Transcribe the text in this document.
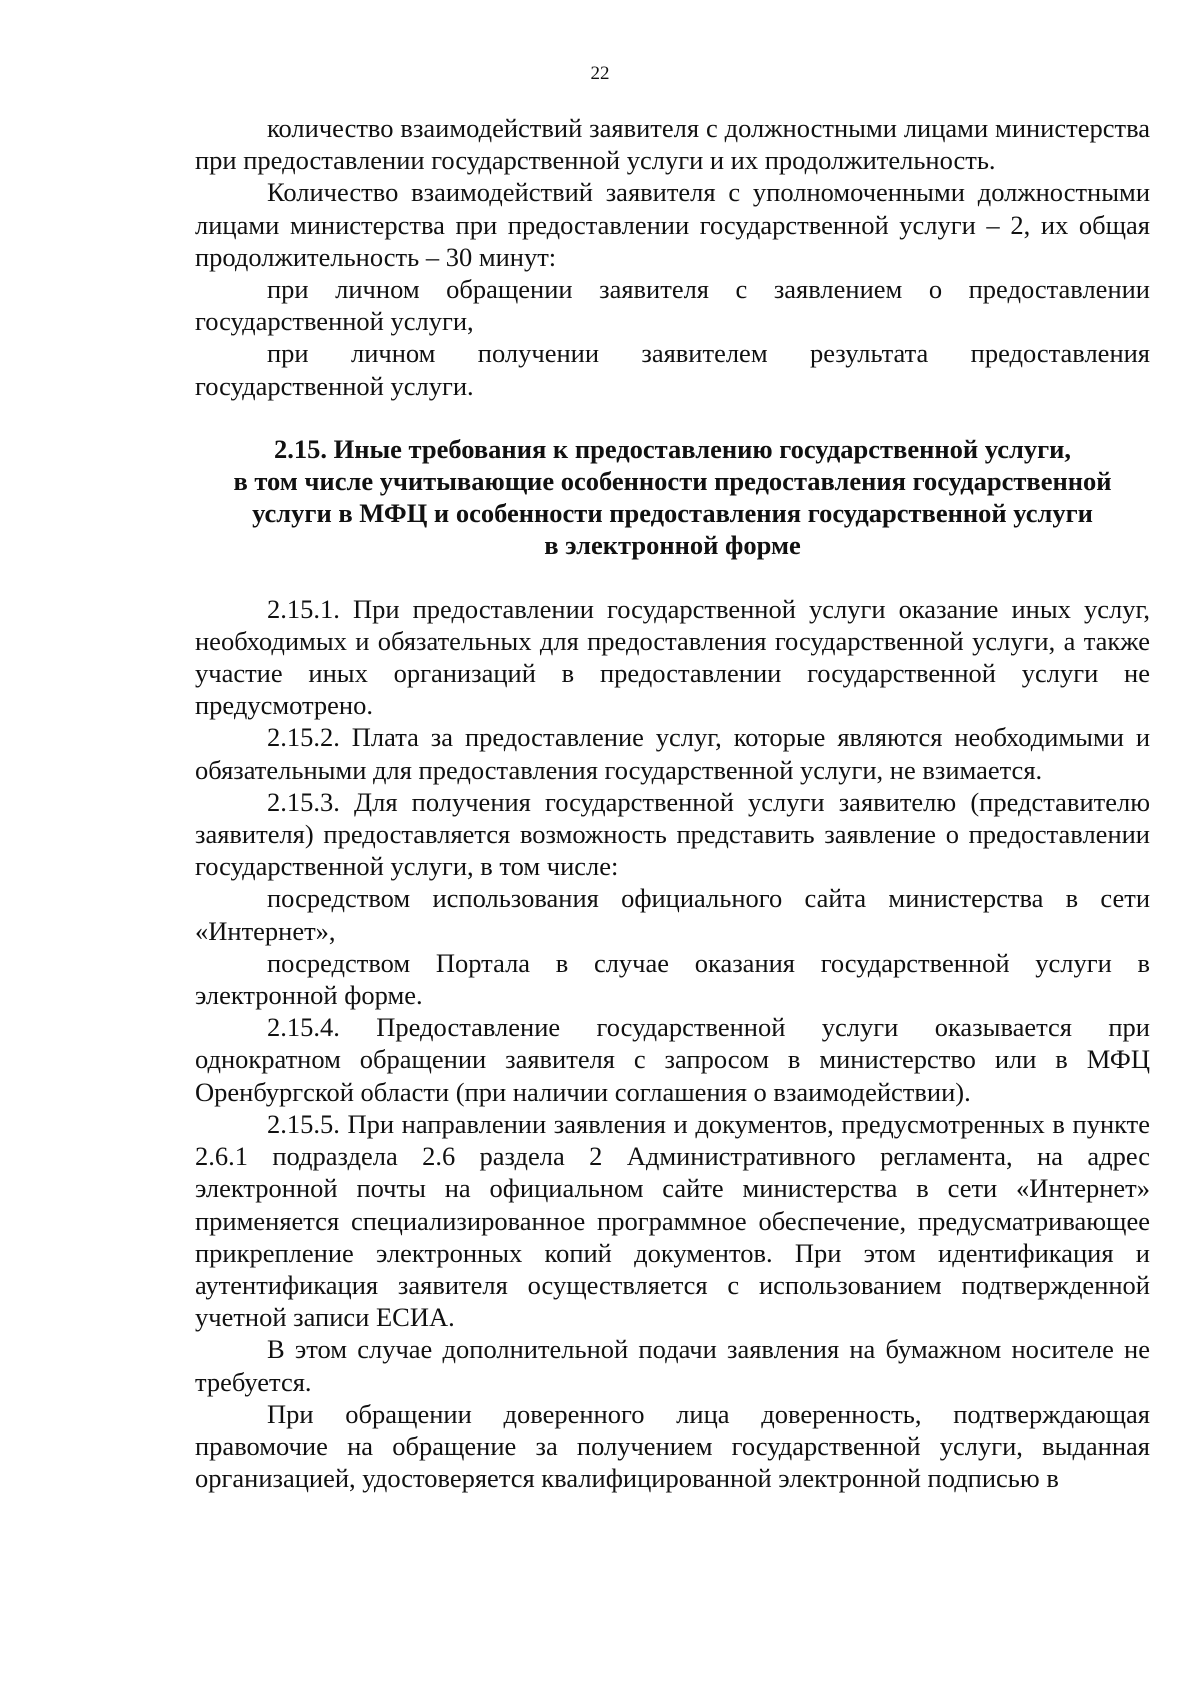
22

количество взаимодействий заявителя с должностными лицами министерства при предоставлении государственной услуги и их продолжительность.

Количество взаимодействий заявителя с уполномоченными должностными лицами министерства при предоставлении государственной услуги – 2, их общая продолжительность – 30 минут:

при личном обращении заявителя с заявлением о предоставлении государственной услуги,

при личном получении заявителем результата предоставления государственной услуги.

2.15. Иные требования к предоставлению государственной услуги,
в том числе учитывающие особенности предоставления государственной
услуги в МФЦ и особенности предоставления государственной услуги
в электронной форме

2.15.1. При предоставлении государственной услуги оказание иных услуг, необходимых и обязательных для предоставления государственной услуги, а также участие иных организаций в предоставлении государственной услуги не предусмотрено.

2.15.2. Плата за предоставление услуг, которые являются необходимыми и обязательными для предоставления государственной услуги, не взимается.

2.15.3. Для получения государственной услуги заявителю (представителю заявителя) предоставляется возможность представить заявление о предоставлении государственной услуги, в том числе:

посредством использования официального сайта министерства в сети «Интернет»,

посредством Портала в случае оказания государственной услуги в электронной форме.

2.15.4. Предоставление государственной услуги оказывается при однократном обращении заявителя с запросом в министерство или в МФЦ Оренбургской области (при наличии соглашения о взаимодействии).

2.15.5. При направлении заявления и документов, предусмотренных в пункте 2.6.1 подраздела 2.6 раздела 2 Административного регламента, на адрес электронной почты на официальном сайте министерства в сети «Интернет» применяется специализированное программное обеспечение, предусматривающее прикрепление электронных копий документов. При этом идентификация и аутентификация заявителя осуществляется с использованием подтвержденной учетной записи ЕСИА.

В этом случае дополнительной подачи заявления на бумажном носителе не требуется.

При обращении доверенного лица доверенность, подтверждающая правомочие на обращение за получением государственной услуги, выданная организацией, удостоверяется квалифицированной электронной подписью в
